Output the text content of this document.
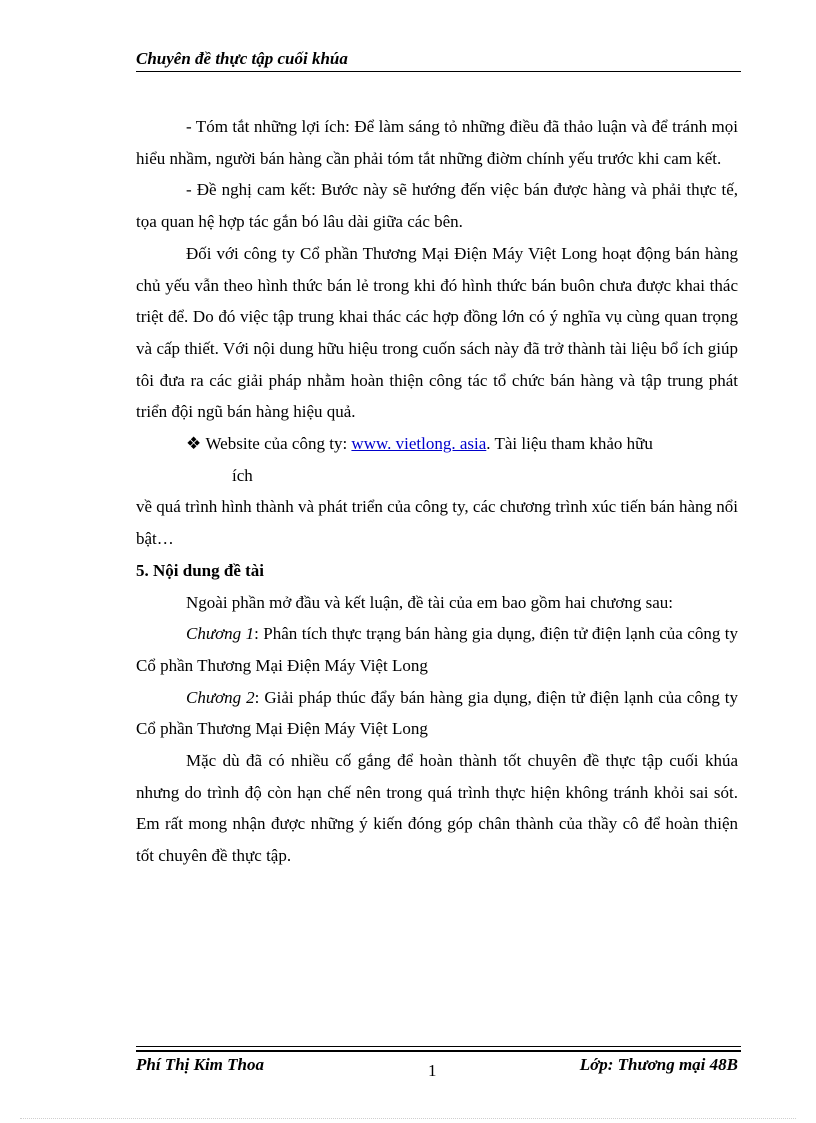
Chuyên đề thực tập cuối khúa

- Tóm tắt những lợi ích: Để làm sáng tỏ những điều đã thảo luận và để tránh mọi hiểu nhầm, người bán hàng cần phải tóm tắt những điờm chính yếu trước khi cam kết.

- Đề nghị cam kết: Bước này sẽ hướng đến việc bán được hàng và phải thực tế, tọa quan hệ hợp tác gắn bó lâu dài giữa các bên.

Đối với công ty Cổ phần Thương Mại Điện Máy Việt Long hoạt động bán hàng chủ yếu vẫn theo hình thức bán lẻ trong khi đó hình thức bán buôn chưa được khai thác triệt để. Do đó việc tập trung khai thác các hợp đồng lớn có ý nghĩa vụ cùng quan trọng và cấp thiết. Với nội dung hữu hiệu trong cuốn sách này đã trở thành tài liệu bổ ích giúp tôi đưa ra các giải pháp nhằm hoàn thiện công tác tổ chức bán hàng và tập trung phát triển đội ngũ bán hàng hiệu quả.

❖ Website của công ty: www. vietlong. asia. Tài liệu tham khảo hữu

ích

về quá trình hình thành và phát triển của công ty, các chương trình xúc tiến bán hàng nổi bật…

5. Nội dung đề tài

Ngoài phần mở đầu và kết luận, đề tài của em bao gồm hai chương sau:

Chương 1: Phân tích thực trạng bán hàng gia dụng, điện tử điện lạnh của công ty Cổ phần Thương Mại Điện Máy Việt Long

Chương 2: Giải pháp thúc đẩy bán hàng gia dụng, điện tử điện lạnh của công ty Cổ phần Thương Mại Điện Máy Việt Long

Mặc dù đã có nhiều cố gắng để hoàn thành tốt chuyên đề thực tập cuối khúa nhưng do trình độ còn hạn chế nên trong quá trình thực hiện không tránh khỏi sai sót. Em rất mong nhận được những ý kiến đóng góp chân thành của thầy cô để hoàn thiện tốt chuyên đề thực tập.

Phí Thị Kim Thoa	1	Lớp: Thương mại 48B
